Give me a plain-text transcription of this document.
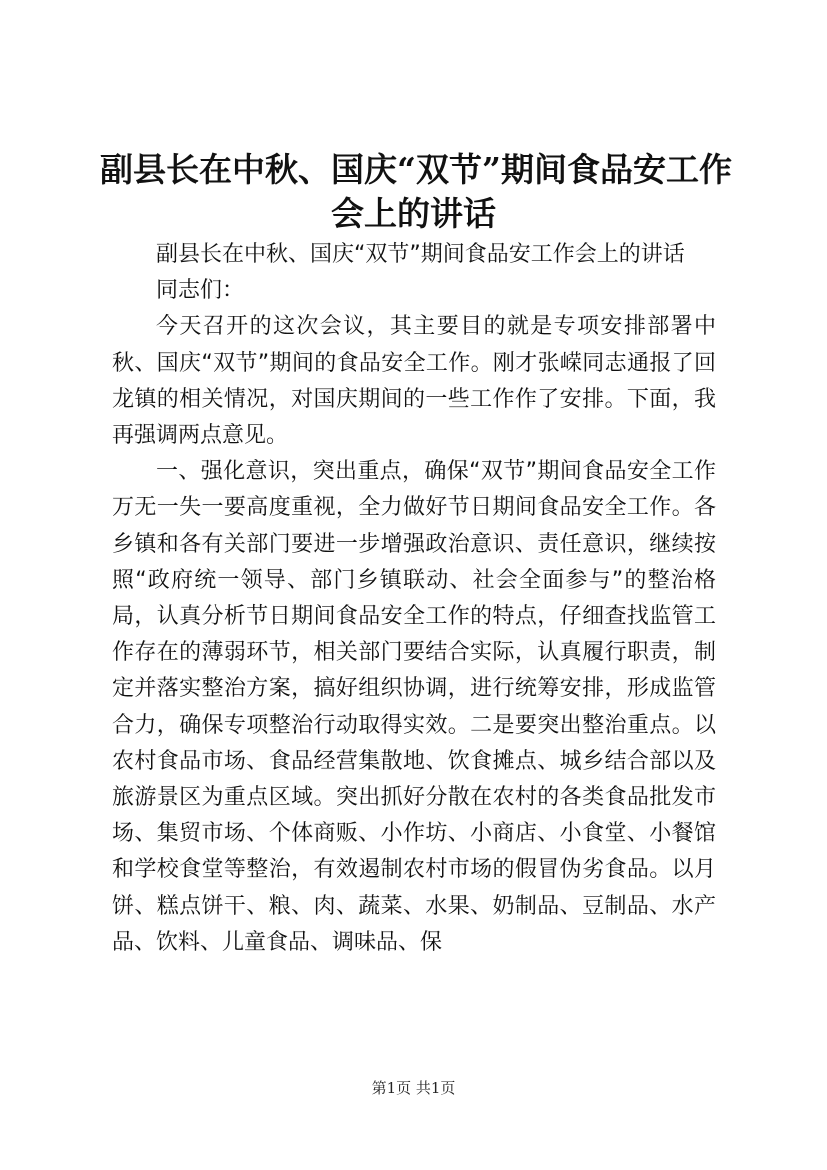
副县长在中秋、国庆“双节”期间食品安工作
会上的讲话

副县长在中秋、国庆“双节”期间食品安工作会上的讲话

同志们：

今天召开的这次会议，其主要目的就是专项安排部署中秋、国庆“双节”期间的食品安全工作。刚才张嵘同志通报了回龙镇的相关情况，对国庆期间的一些工作作了安排。下面，我再强调两点意见。

一、强化意识，突出重点，确保“双节”期间食品安全工作万无一失一要高度重视，全力做好节日期间食品安全工作。各乡镇和各有关部门要进一步增强政治意识、责任意识，继续按照“政府统一领导、部门乡镇联动、社会全面参与”的整治格局，认真分析节日期间食品安全工作的特点，仔细查找监管工作存在的薄弱环节，相关部门要结合实际，认真履行职责，制定并落实整治方案，搞好组织协调，进行统筹安排，形成监管合力，确保专项整治行动取得实效。二是要突出整治重点。以农村食品市场、食品经营集散地、饮食摊点、城乡结合部以及旅游景区为重点区域。突出抓好分散在农村的各类食品批发市场、集贸市场、个体商贩、小作坊、小商店、小食堂、小餐馆和学校食堂等整治，有效遏制农村市场的假冒伪劣食品。以月饼、糕点饼干、粮、肉、蔬菜、水果、奶制品、豆制品、水产品、饮料、儿童食品、调味品、保

第1页 共1页
